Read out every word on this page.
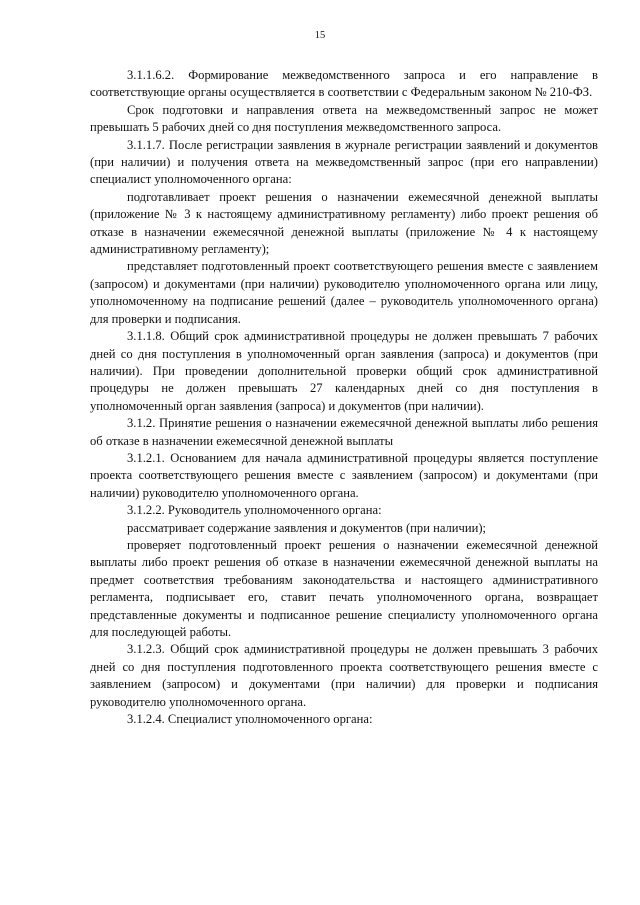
15

3.1.1.6.2. Формирование межведомственного запроса и его направление в соответствующие органы осуществляется в соответствии с Федеральным законом № 210-ФЗ.

Срок подготовки и направления ответа на межведомственный запрос не может превышать 5 рабочих дней со дня поступления межведомственного запроса.

3.1.1.7. После регистрации заявления в журнале регистрации заявлений и документов (при наличии) и получения ответа на межведомственный запрос (при его направлении) специалист уполномоченного органа:

подготавливает проект решения о назначении ежемесячной денежной выплаты (приложение № 3 к настоящему административному регламенту) либо проект решения об отказе в назначении ежемесячной денежной выплаты (приложение № 4 к настоящему административному регламенту);

представляет подготовленный проект соответствующего решения вместе с заявлением (запросом) и документами (при наличии) руководителю уполномоченного органа или лицу, уполномоченному на подписание решений (далее – руководитель уполномоченного органа) для проверки и подписания.

3.1.1.8. Общий срок административной процедуры не должен превышать 7 рабочих дней со дня поступления в уполномоченный орган заявления (запроса) и документов (при наличии). При проведении дополнительной проверки общий срок административной процедуры не должен превышать 27 календарных дней со дня поступления в уполномоченный орган заявления (запроса) и документов (при наличии).

3.1.2. Принятие решения о назначении ежемесячной денежной выплаты либо решения об отказе в назначении ежемесячной денежной выплаты

3.1.2.1. Основанием для начала административной процедуры является поступление проекта соответствующего решения вместе с заявлением (запросом) и документами (при наличии) руководителю уполномоченного органа.

3.1.2.2. Руководитель уполномоченного органа:

рассматривает содержание заявления и документов (при наличии);

проверяет подготовленный проект решения о назначении ежемесячной денежной выплаты либо проект решения об отказе в назначении ежемесячной денежной выплаты на предмет соответствия требованиям законодательства и настоящего административного регламента, подписывает его, ставит печать уполномоченного органа, возвращает представленные документы и подписанное решение специалисту уполномоченного органа для последующей работы.

3.1.2.3. Общий срок административной процедуры не должен превышать 3 рабочих дней со дня поступления подготовленного проекта соответствующего решения вместе с заявлением (запросом) и документами (при наличии) для проверки и подписания руководителю уполномоченного органа.

3.1.2.4. Специалист уполномоченного органа:
